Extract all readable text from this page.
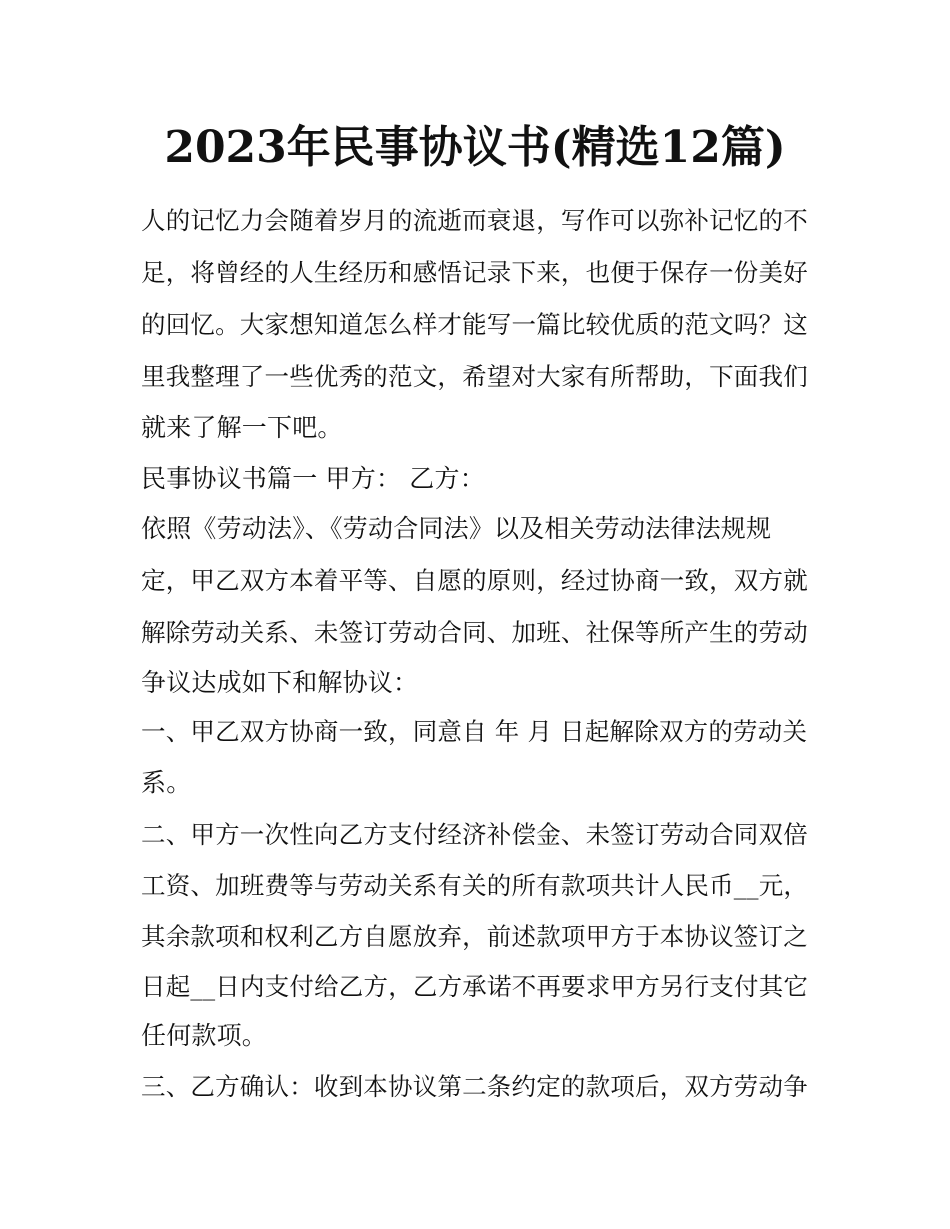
2023年民事协议书(精选12篇)

人的记忆力会随着岁月的流逝而衰退，写作可以弥补记忆的不

足，将曾经的人生经历和感悟记录下来，也便于保存一份美好

的回忆。大家想知道怎么样才能写一篇比较优质的范文吗？这

里我整理了一些优秀的范文，希望对大家有所帮助，下面我们

就来了解一下吧。

民事协议书篇一 甲方： 乙方：

依照《劳动法》、《劳动合同法》以及相关劳动法律法规规

定，甲乙双方本着平等、自愿的原则，经过协商一致，双方就

解除劳动关系、未签订劳动合同、加班、社保等所产生的劳动

争议达成如下和解协议：

一、甲乙双方协商一致，同意自 年 月 日起解除双方的劳动关

系。

二、甲方一次性向乙方支付经济补偿金、未签订劳动合同双倍

工资、加班费等与劳动关系有关的所有款项共计人民币__元，

其余款项和权利乙方自愿放弃，前述款项甲方于本协议签订之

日起__日内支付给乙方，乙方承诺不再要求甲方另行支付其它

任何款项。

三、乙方确认：收到本协议第二条约定的款项后，双方劳动争
